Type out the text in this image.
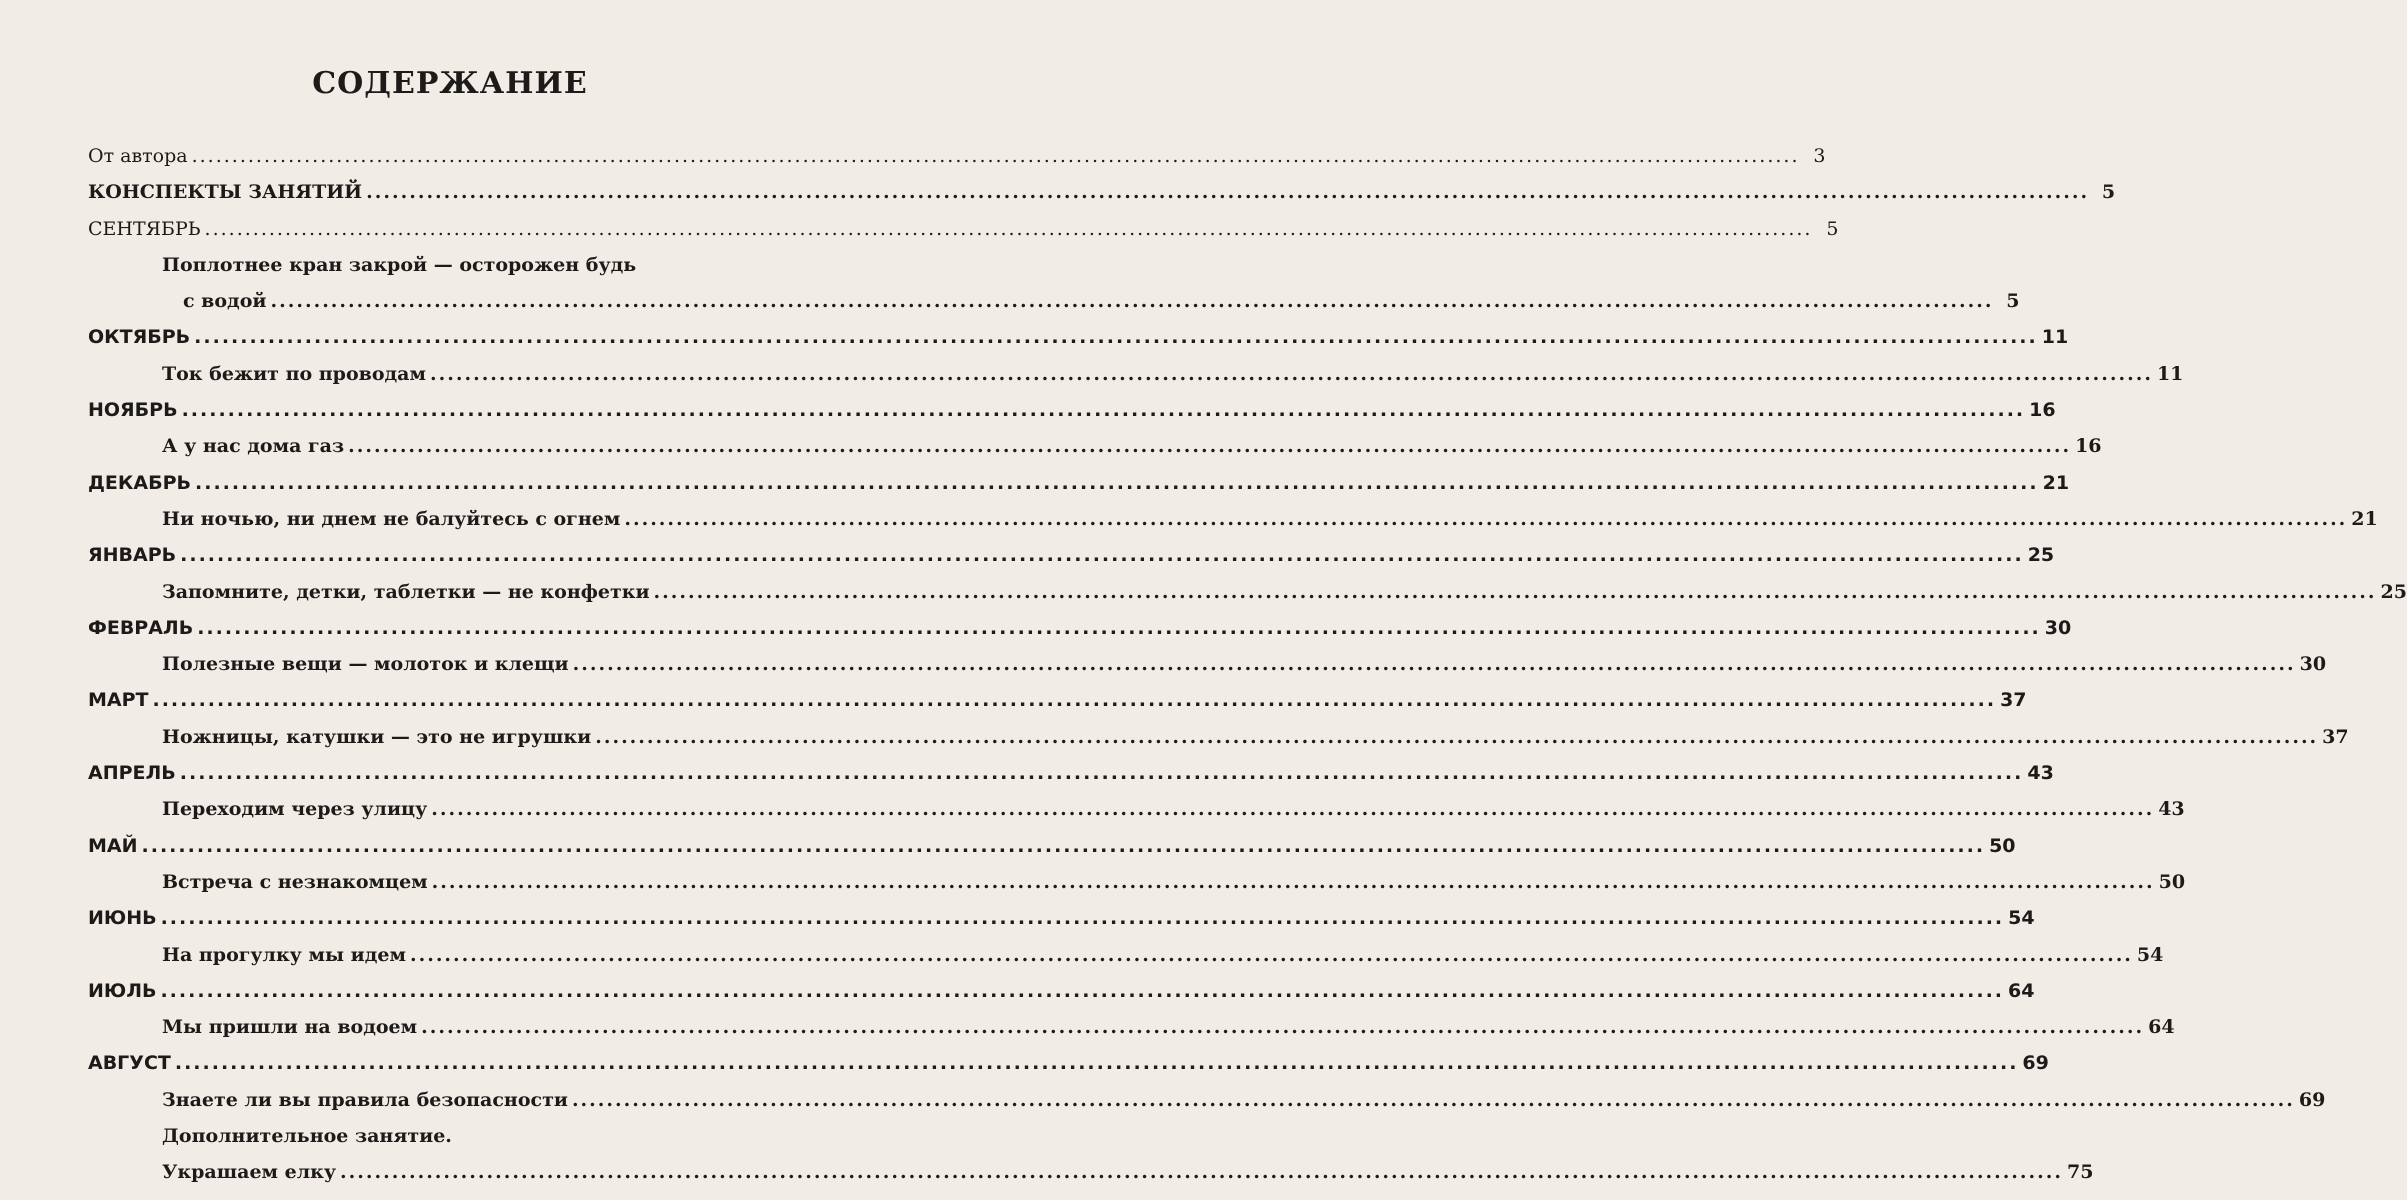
СОДЕРЖАНИЕ
От автора ........................................................................................................................................................................................................ 3
КОНСПЕКТЫ ЗАНЯТИЙ ........................................................................................................................................................................................................ 5
СЕНТЯБРЬ ........................................................................................................................................................................................................ 5
Поплотнее кран закрой — осторожен будь
с водой ........................................................................................................................................................................................................ 5
ОКТЯБРЬ ........................................................................................................................................................................................................ 11
Ток бежит по проводам ........................................................................................................................................................................................................ 11
НОЯБРЬ ........................................................................................................................................................................................................ 16
А у нас дома газ ........................................................................................................................................................................................................ 16
ДЕКАБРЬ ........................................................................................................................................................................................................ 21
Ни ночью, ни днем не балуйтесь с огнем ........................................................................................................................................................................................................ 21
ЯНВАРЬ ........................................................................................................................................................................................................ 25
Запомните, детки, таблетки — не конфетки ........................................................................................................................................................................................................ 25
ФЕВРАЛЬ ........................................................................................................................................................................................................ 30
Полезные вещи — молоток и клещи ........................................................................................................................................................................................................ 30
МАРТ ........................................................................................................................................................................................................ 37
Ножницы, катушки — это не игрушки ........................................................................................................................................................................................................ 37
АПРЕЛЬ ........................................................................................................................................................................................................ 43
Переходим через улицу ........................................................................................................................................................................................................ 43
МАЙ ........................................................................................................................................................................................................ 50
Встреча с незнакомцем ........................................................................................................................................................................................................ 50
ИЮНЬ ........................................................................................................................................................................................................ 54
На прогулку мы идем ........................................................................................................................................................................................................ 54
ИЮЛЬ ........................................................................................................................................................................................................ 64
Мы пришли на водоем ........................................................................................................................................................................................................ 64
АВГУСТ ........................................................................................................................................................................................................ 69
Знаете ли вы правила безопасности ........................................................................................................................................................................................................ 69
Дополнительное занятие.
Украшаем елку ........................................................................................................................................................................................................ 75
